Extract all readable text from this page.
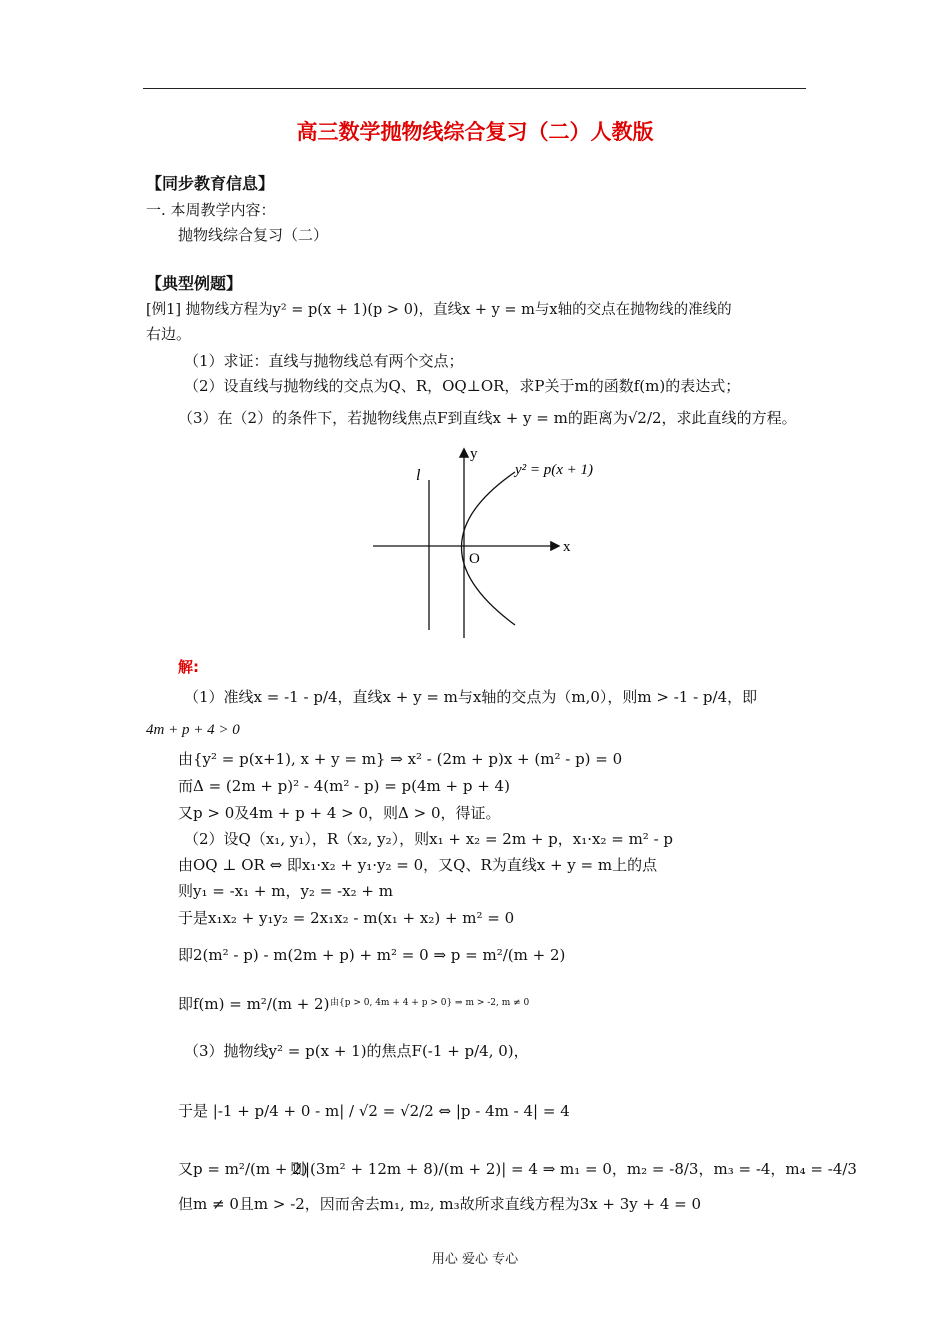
高三数学抛物线综合复习（二）人教版
【同步教育信息】
一. 本周教学内容：
抛物线综合复习（二）
【典型例题】
[例1] 抛物线方程为y² = p(x + 1)(p > 0)，直线x + y = m与x轴的交点在抛物线的准线的
右边。
（1）求证：直线与抛物线总有两个交点；
（2）设直线与抛物线的交点为Q、R，OQ⊥OR，求P关于m的函数f(m)的表达式；
（3）在（2）的条件下，若抛物线焦点F到直线x + y = m的距离为√2/2，求此直线的方程。
l
y
x
O
y² = p(x + 1)
解:
（1）准线x = -1 - p/4，直线x + y = m与x轴的交点为（m,0），则m > -1 - p/4，即
4m + p + 4 > 0
由{y² = p(x+1), x + y = m} ⇒ x² - (2m + p)x + (m² - p) = 0
而Δ = (2m + p)² - 4(m² - p) = p(4m + p + 4)
又p > 0及4m + p + 4 > 0，则Δ > 0，得证。
（2）设Q（x₁, y₁），R（x₂, y₂），则x₁ + x₂ = 2m + p，x₁·x₂ = m² - p
由OQ ⊥ OR ⇔ 即x₁·x₂ + y₁·y₂ = 0，又Q、R为直线x + y = m上的点
则y₁ = -x₁ + m，y₂ = -x₂ + m
于是x₁x₂ + y₁y₂ = 2x₁x₂ - m(x₁ + x₂) + m² = 0
即2(m² - p) - m(2m + p) + m² = 0 ⇒ p = m²/(m + 2)
即f(m) = m²/(m + 2) 由{p > 0, 4m + 4 + p > 0} ⇒ m > -2, m ≠ 0
（3）抛物线y² = p(x + 1)的焦点F(-1 + p/4, 0)，
于是 |-1 + p/4 + 0 - m| / √2 = √2/2 ⇔ |p - 4m - 4| = 4
又p = m²/(m + 2)
则|(3m² + 12m + 8)/(m + 2)| = 4 ⇒ m₁ = 0，m₂ = -8/3，m₃ = -4，m₄ = -4/3
但m ≠ 0且m > -2，因而舍去m₁, m₂, m₃故所求直线方程为3x + 3y + 4 = 0
用心 爱心 专心
